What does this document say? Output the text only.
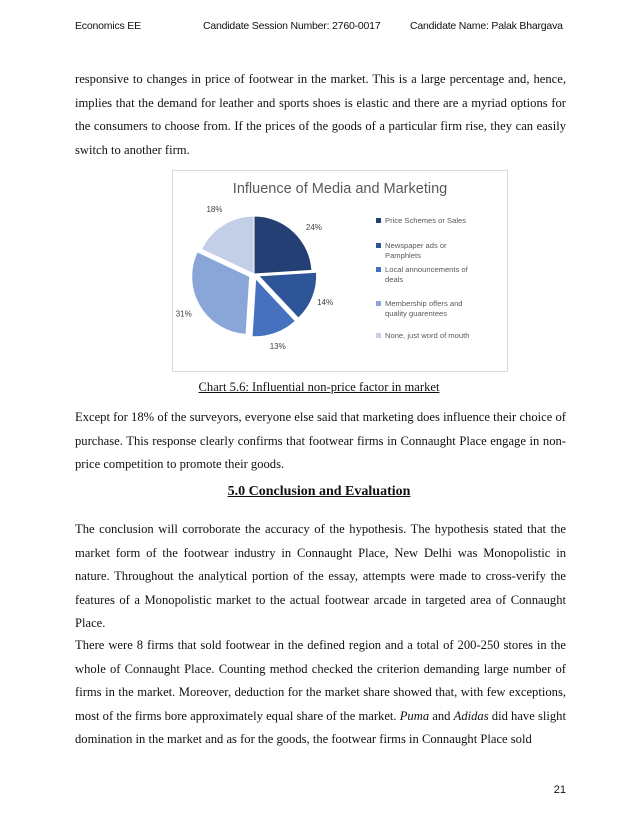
Economics EE	Candidate Session Number: 2760-0017	Candidate Name: Palak Bhargava

responsive to changes in price of footwear in the market. This is a large percentage and, hence, implies that the demand for leather and sports shoes is elastic and there are a myriad options for the consumers to choose from. If the prices of the goods of a particular firm rise, they can easily switch to another firm.

Influence of Media and Marketing
24%
14%
13%
31%
18%
Price Schemes or Sales
Newspaper ads or
Pamphlets
Local announcements of
deals
Membership offers and
quality guarentees
None, just word of mouth
Chart 5.6: Influential non-price factor in market

Except for 18% of the surveyors, everyone else said that marketing does influence their choice of purchase. This response clearly confirms that footwear firms in Connaught Place engage in non-price competition to promote their goods.

5.0 Conclusion and Evaluation

The conclusion will corroborate the accuracy of the hypothesis. The hypothesis stated that the market form of the footwear industry in Connaught Place, New Delhi was Monopolistic in nature. Throughout the analytical portion of the essay, attempts were made to cross-verify the features of a Monopolistic market to the actual footwear arcade in targeted area of Connaught Place.

There were 8 firms that sold footwear in the defined region and a total of 200-250 stores in the whole of Connaught Place. Counting method checked the criterion demanding large number of firms in the market. Moreover, deduction for the market share showed that, with few exceptions, most of the firms bore approximately equal share of the market. Puma and Adidas did have slight domination in the market and as for the goods, the footwear firms in Connaught Place sold

21
